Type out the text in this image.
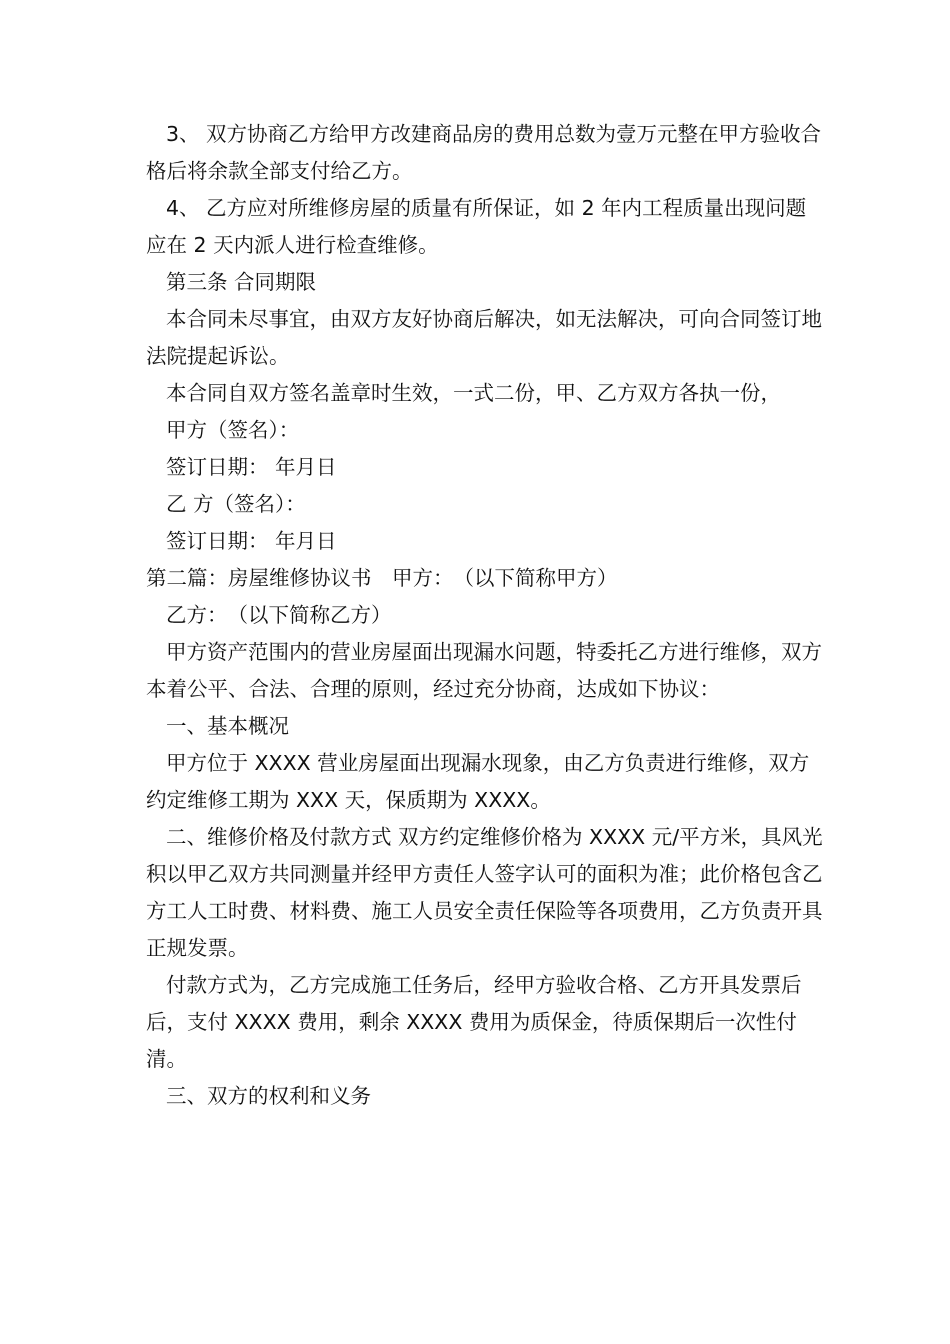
3、 双方协商乙方给甲方改建商品房的费用总数为壹万元整在甲方验收合格后将余款全部支付给乙方。

4、 乙方应对所维修房屋的质量有所保证，如 2 年内工程质量出现问题应在 2 天内派人进行检查维修。

第三条 合同期限

本合同未尽事宜，由双方友好协商后解决，如无法解决，可向合同签订地法院提起诉讼。

本合同自双方签名盖章时生效，一式二份，甲、乙方双方各执一份，

甲方（签名）：

签订日期： 年月日

乙 方（签名）：

签订日期： 年月日

第二篇：房屋维修协议书　甲方：　（以下简称甲方）

乙方：　（以下简称乙方）

甲方资产范围内的营业房屋面出现漏水问题，特委托乙方进行维修，双方本着公平、合法、合理的原则，经过充分协商，达成如下协议：

一、基本概况

甲方位于 XXXX 营业房屋面出现漏水现象，由乙方负责进行维修，双方约定维修工期为 XXX 天，保质期为 XXXX。

二、维修价格及付款方式 双方约定维修价格为 XXXX 元/平方米，具风光积以甲乙双方共同测量并经甲方责任人签字认可的面积为准；此价格包含乙方工人工时费、材料费、施工人员安全责任保险等各项费用，乙方负责开具正规发票。

付款方式为，乙方完成施工任务后，经甲方验收合格、乙方开具发票后后，支付 XXXX 费用，剩余 XXXX 费用为质保金，待质保期后一次性付清。

三、双方的权利和义务
